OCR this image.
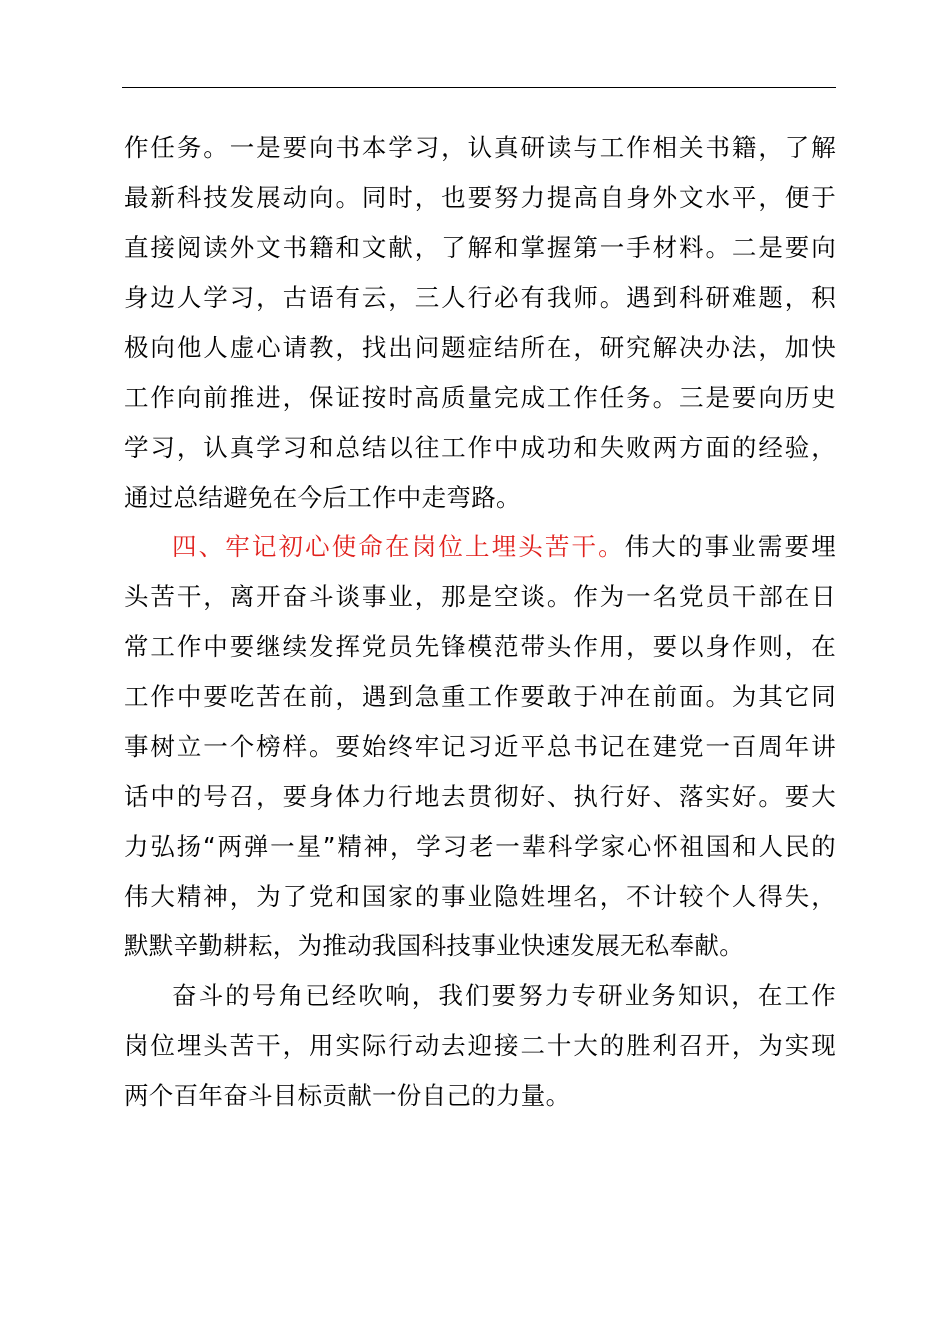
作任务。一是要向书本学习，认真研读与工作相关书籍，了解
最新科技发展动向。同时，也要努力提高自身外文水平，便于
直接阅读外文书籍和文献，了解和掌握第一手材料。二是要向
身边人学习，古语有云，三人行必有我师。遇到科研难题，积
极向他人虚心请教，找出问题症结所在，研究解决办法，加快
工作向前推进，保证按时高质量完成工作任务。三是要向历史
学习，认真学习和总结以往工作中成功和失败两方面的经验，
通过总结避免在今后工作中走弯路。
四、牢记初心使命在岗位上埋头苦干。伟大的事业需要埋
头苦干，离开奋斗谈事业，那是空谈。作为一名党员干部在日
常工作中要继续发挥党员先锋模范带头作用，要以身作则，在
工作中要吃苦在前，遇到急重工作要敢于冲在前面。为其它同
事树立一个榜样。要始终牢记习近平总书记在建党一百周年讲
话中的号召，要身体力行地去贯彻好、执行好、落实好。要大
力弘扬“两弹一星”精神，学习老一辈科学家心怀祖国和人民的
伟大精神，为了党和国家的事业隐姓埋名，不计较个人得失，
默默辛勤耕耘，为推动我国科技事业快速发展无私奉献。
奋斗的号角已经吹响，我们要努力专研业务知识，在工作
岗位埋头苦干，用实际行动去迎接二十大的胜利召开，为实现
两个百年奋斗目标贡献一份自己的力量。
